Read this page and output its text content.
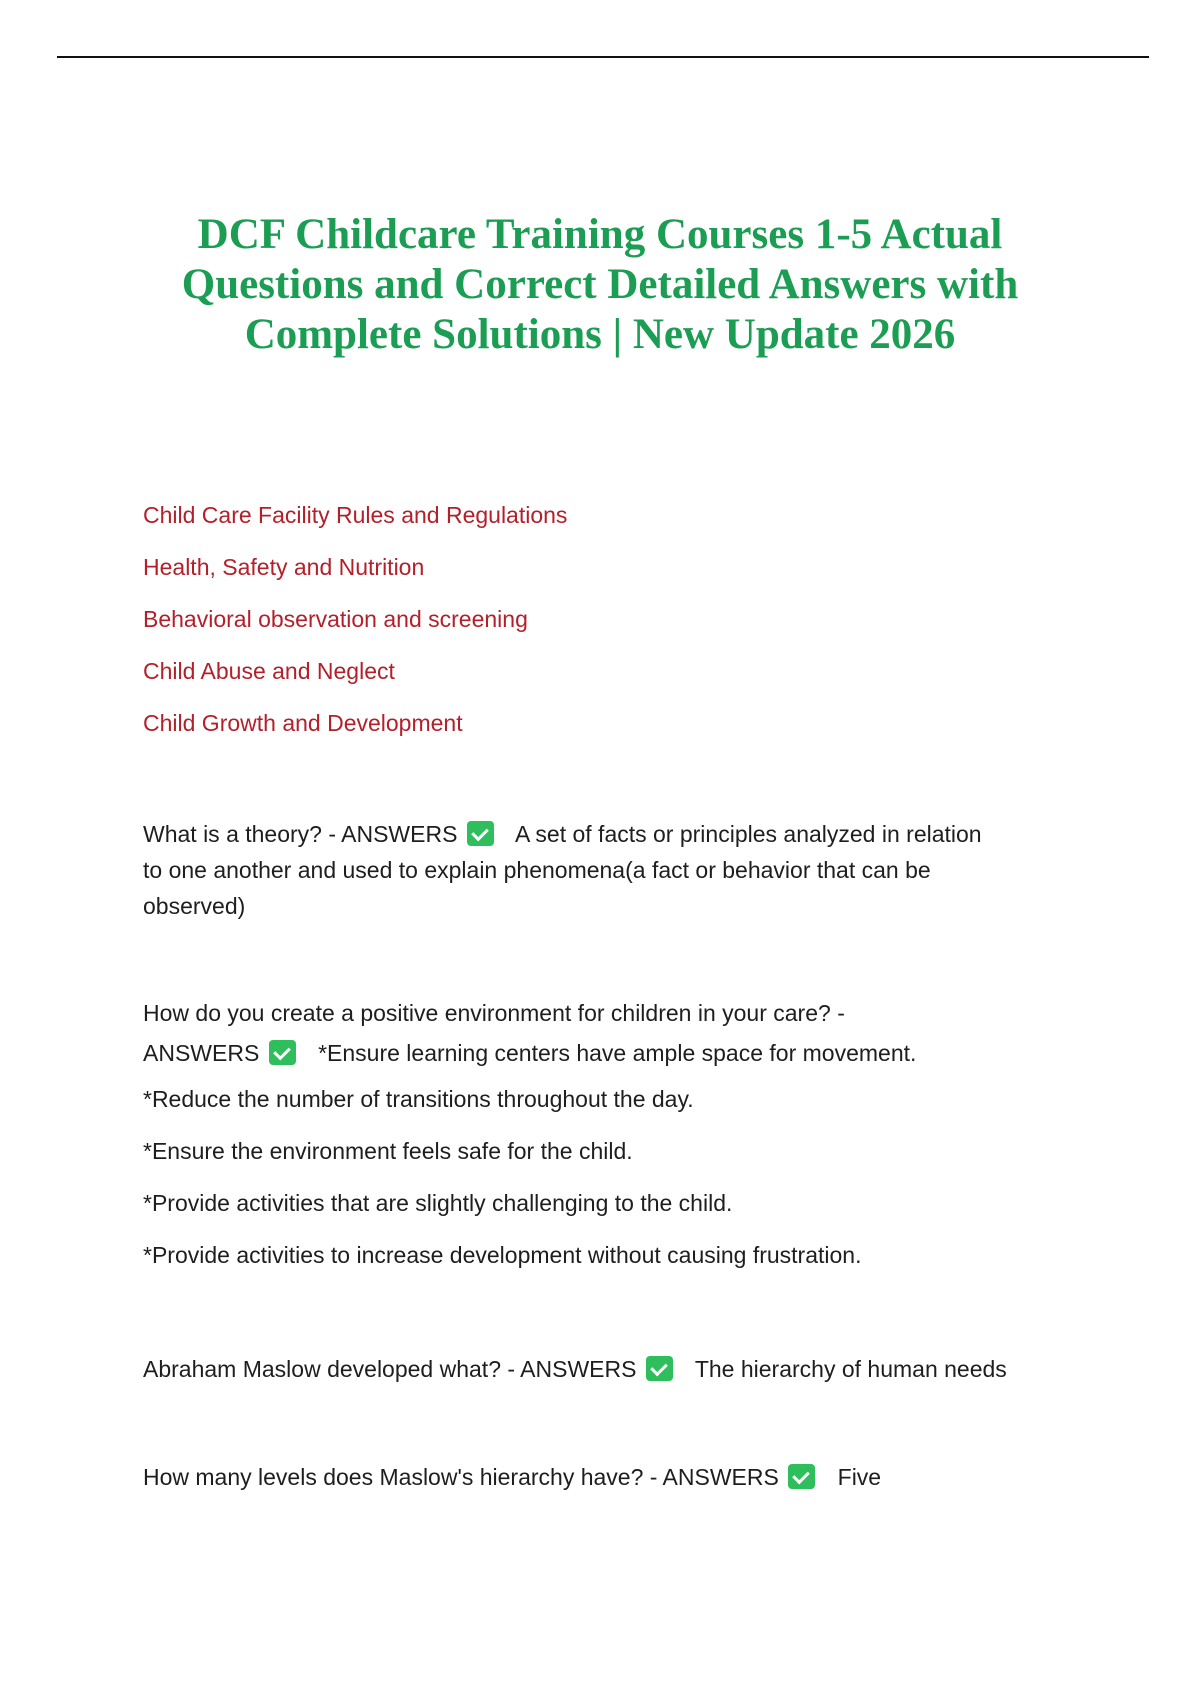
DCF Childcare Training Courses 1-5 Actual
Questions and Correct Detailed Answers with
Complete Solutions | New Update 2026
Child Care Facility Rules and Regulations
Health, Safety and Nutrition
Behavioral observation and screening
Child Abuse and Neglect
Child Growth and Development
What is a theory? - ANSWERS	A set of facts or principles analyzed in relation
to one another and used to explain phenomena(a fact or behavior that can be
observed)
How do you create a positive environment for children in your care? -
ANSWERS	*Ensure learning centers have ample space for movement.
*Reduce the number of transitions throughout the day.
*Ensure the environment feels safe for the child.
*Provide activities that are slightly challenging to the child.
*Provide activities to increase development without causing frustration.
Abraham Maslow developed what? - ANSWERS	The hierarchy of human needs
How many levels does Maslow's hierarchy have? - ANSWERS	Five
